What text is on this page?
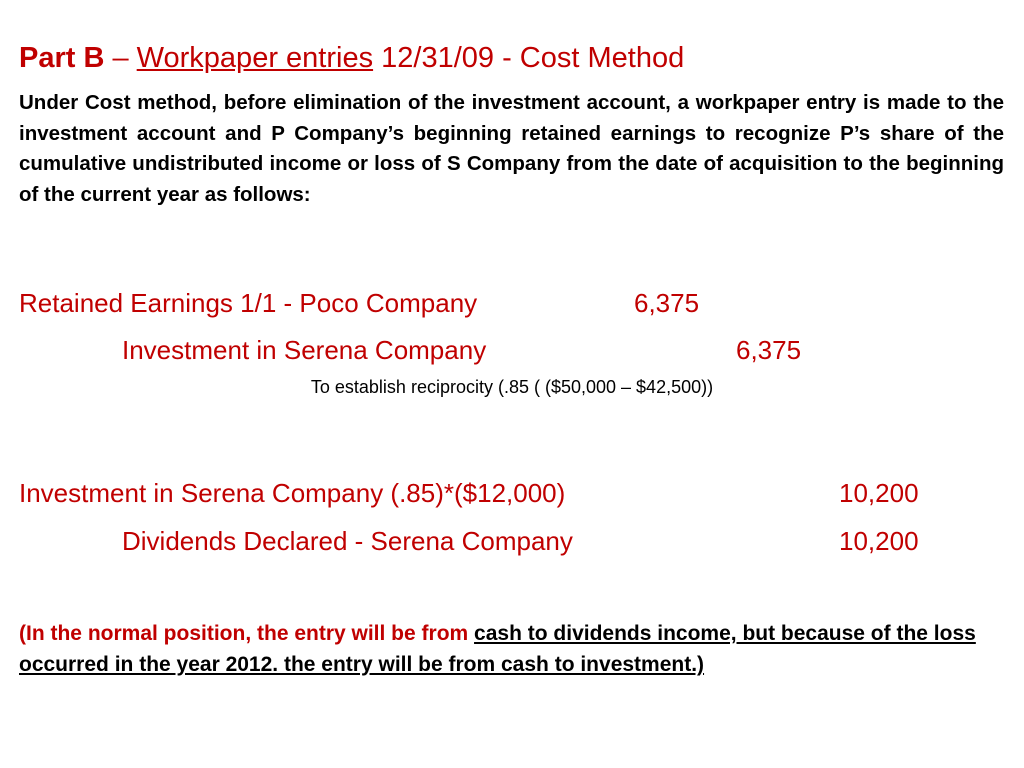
Part B – Workpaper entries 12/31/09 - Cost Method
Under Cost method, before elimination of the investment account, a workpaper entry is made to the investment account and P Company’s beginning retained earnings to recognize P’s share of the cumulative undistributed income or loss of S Company from the date of acquisition to the beginning of the current year as follows:
Retained Earnings 1/1 - Poco Company	6,375
Investment in Serena Company	6,375
To establish reciprocity (.85 ( ($50,000 – $42,500))
Investment in Serena Company (.85)*($12,000)	10,200
Dividends Declared - Serena Company	10,200
(In the normal position, the entry will be from cash to dividends income, but because of the loss occurred in the year 2012. the entry will be from cash to investment.)
